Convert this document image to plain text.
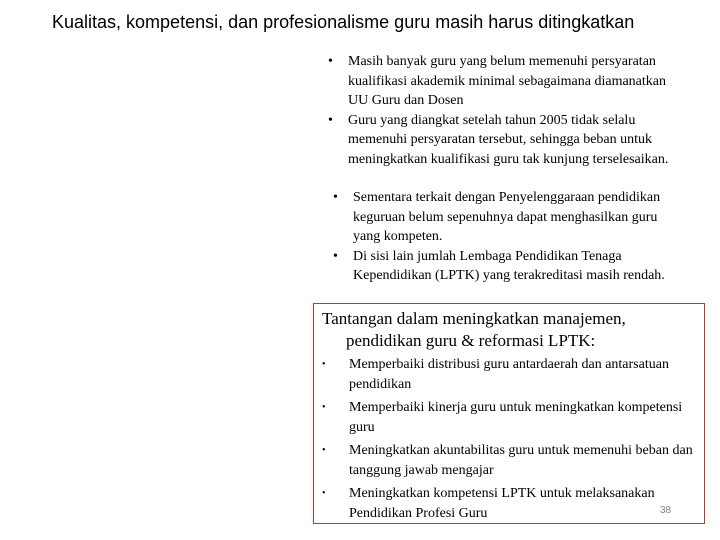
Kualitas, kompetensi, dan profesionalisme guru masih harus ditingkatkan
• Masih banyak guru yang belum memenuhi persyaratan kualifikasi akademik minimal sebagaimana diamanatkan UU Guru dan Dosen
• Guru yang diangkat setelah tahun 2005 tidak selalu memenuhi persyaratan tersebut, sehingga beban untuk meningkatkan kualifikasi guru tak kunjung terselesaikan.
• Sementara terkait dengan Penyelenggaraan pendidikan keguruan belum sepenuhnya dapat menghasilkan guru yang kompeten.
• Di sisi lain jumlah Lembaga Pendidikan Tenaga Kependidikan (LPTK) yang terakreditasi masih rendah.
Tantangan dalam meningkatkan manajemen,
pendidikan guru & reformasi LPTK:
• Memperbaiki distribusi guru antardaerah dan antarsatuan pendidikan
• Memperbaiki kinerja guru untuk meningkatkan kompetensi guru
• Meningkatkan akuntabilitas guru untuk memenuhi beban dan tanggung jawab mengajar
• Meningkatkan kompetensi LPTK untuk melaksanakan Pendidikan Profesi Guru	38
